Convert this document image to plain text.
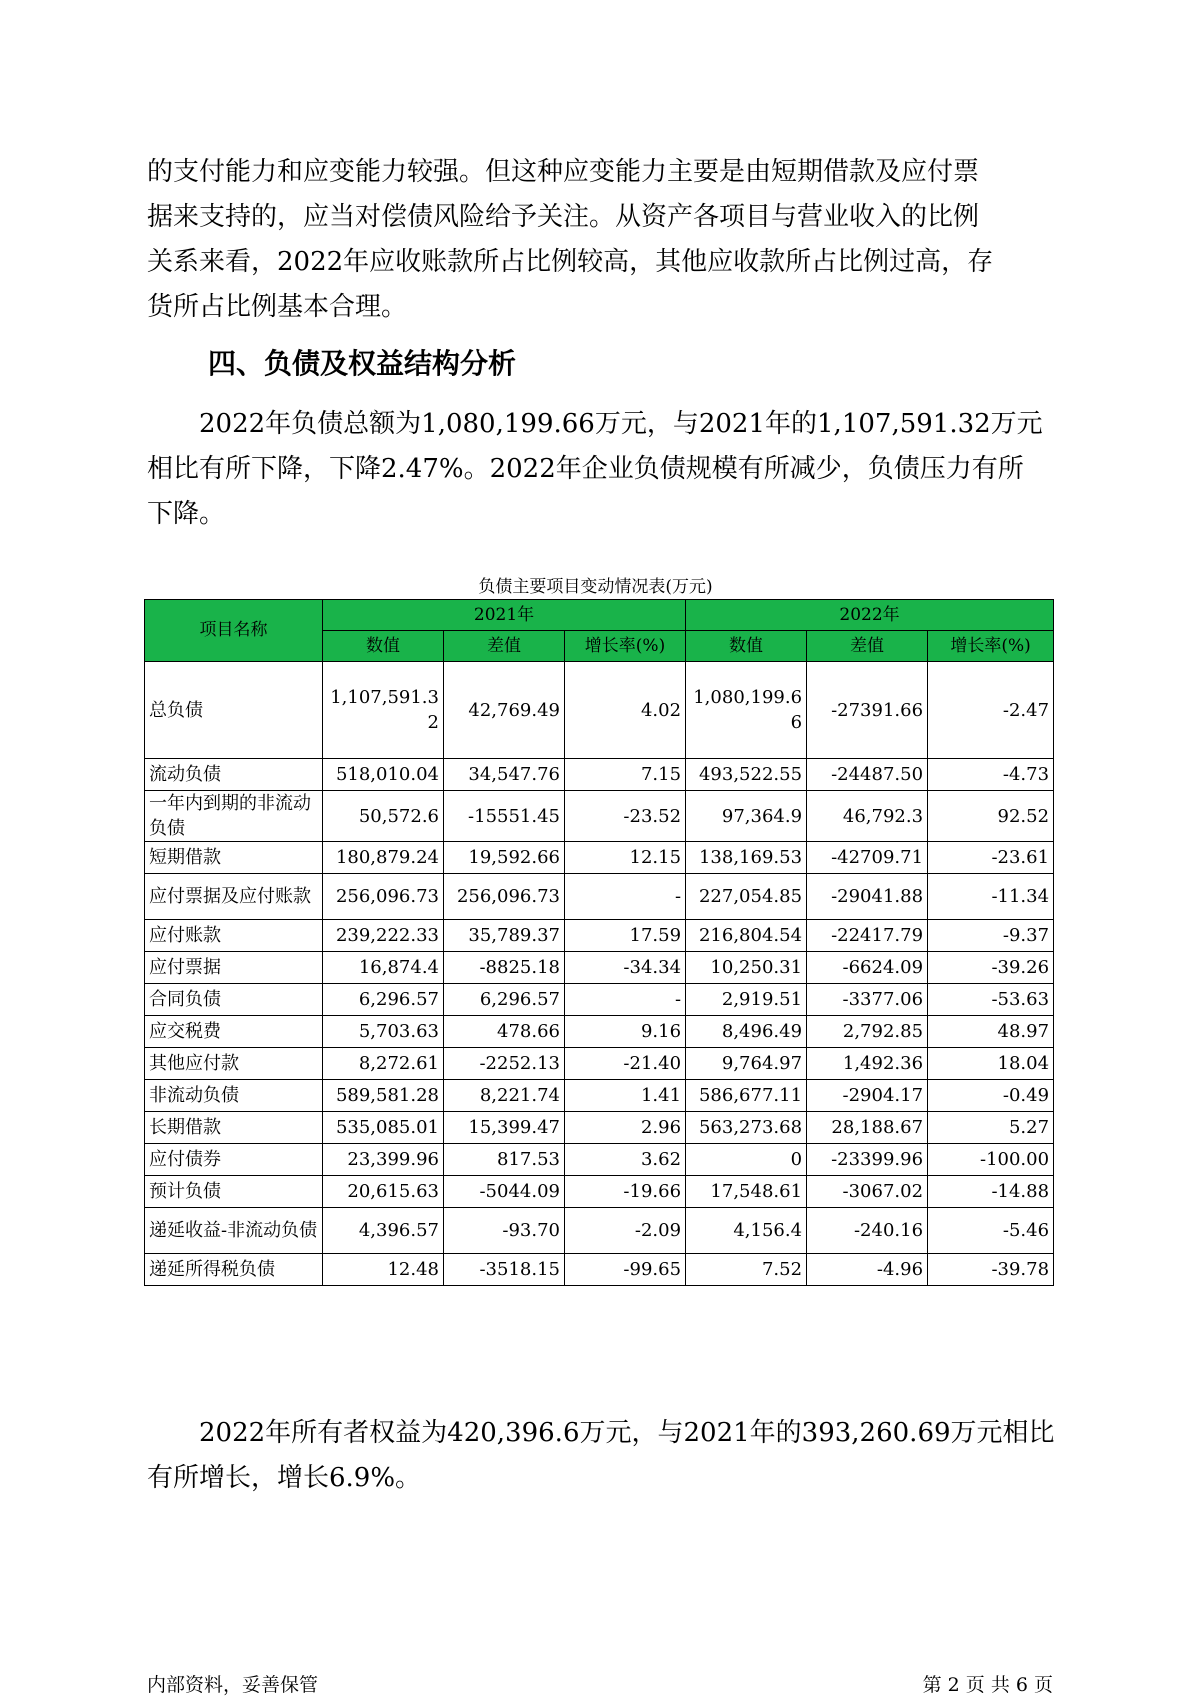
的支付能力和应变能力较强。但这种应变能力主要是由短期借款及应付票
据来支持的，应当对偿债风险给予关注。从资产各项目与营业收入的比例
关系来看，2022年应收账款所占比例较高，其他应收款所占比例过高，存
货所占比例基本合理。
四、负债及权益结构分析
2022年负债总额为1,080,199.66万元，与2021年的1,107,591.32万元
相比有所下降，下降2.47%。2022年企业负债规模有所减少，负债压力有所
下降。
负债主要项目变动情况表(万元)
项目名称	2021年			2022年		
	数值	差值	增长率(%)	数值	差值	增长率(%)
总负债	1,107,591.32	42,769.49	4.02	1,080,199.66	-27391.66	-2.47
流动负债	518,010.04	34,547.76	7.15	493,522.55	-24487.50	-4.73
一年内到期的非流动负债	50,572.6	-15551.45	-23.52	97,364.9	46,792.3	92.52
短期借款	180,879.24	19,592.66	12.15	138,169.53	-42709.71	-23.61
应付票据及应付账款	256,096.73	256,096.73	-	227,054.85	-29041.88	-11.34
应付账款	239,222.33	35,789.37	17.59	216,804.54	-22417.79	-9.37
应付票据	16,874.4	-8825.18	-34.34	10,250.31	-6624.09	-39.26
合同负债	6,296.57	6,296.57	-	2,919.51	-3377.06	-53.63
应交税费	5,703.63	478.66	9.16	8,496.49	2,792.85	48.97
其他应付款	8,272.61	-2252.13	-21.40	9,764.97	1,492.36	18.04
非流动负债	589,581.28	8,221.74	1.41	586,677.11	-2904.17	-0.49
长期借款	535,085.01	15,399.47	2.96	563,273.68	28,188.67	5.27
应付债券	23,399.96	817.53	3.62	0	-23399.96	-100.00
预计负债	20,615.63	-5044.09	-19.66	17,548.61	-3067.02	-14.88
递延收益-非流动负债	4,396.57	-93.70	-2.09	4,156.4	-240.16	-5.46
递延所得税负债	12.48	-3518.15	-99.65	7.52	-4.96	-39.78
2022年所有者权益为420,396.6万元，与2021年的393,260.69万元相比
有所增长，增长6.9%。
内部资料，妥善保管	第 2 页 共 6 页
